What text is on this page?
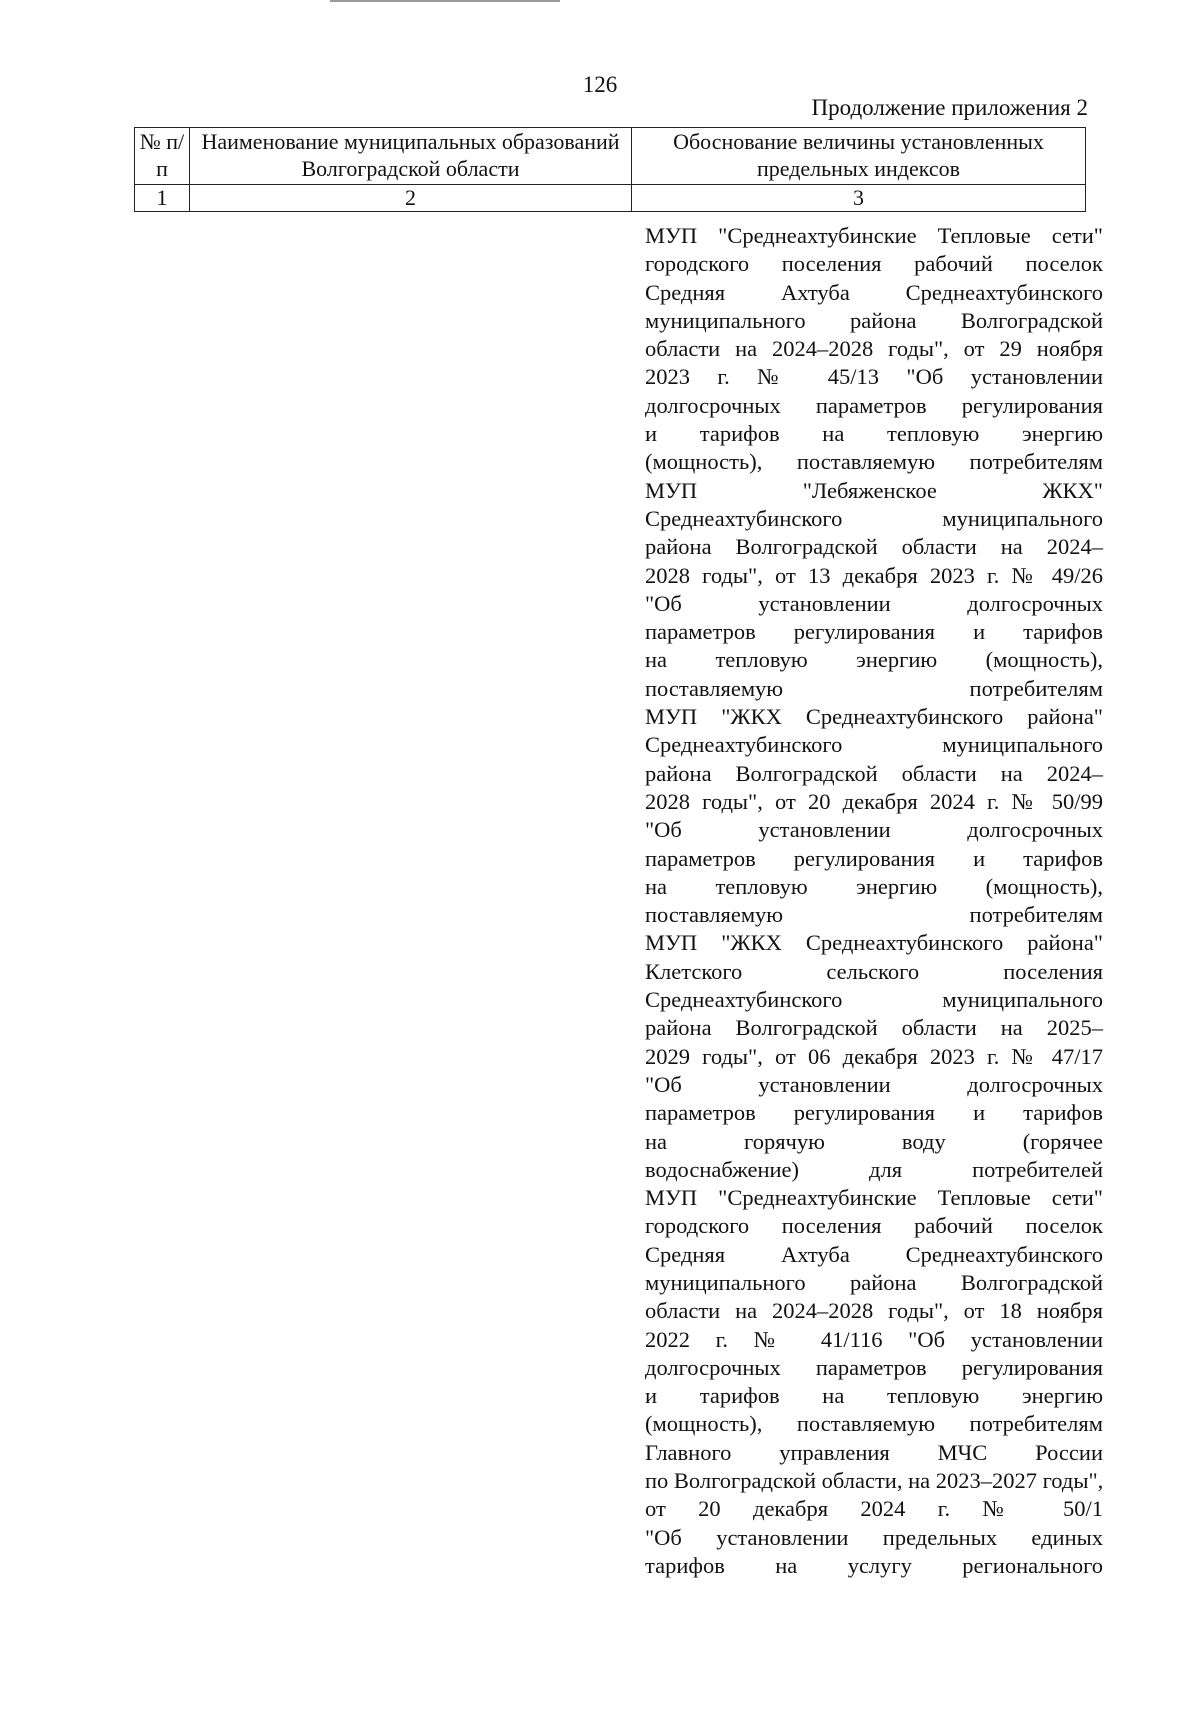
126
Продолжение приложения 2
№ п/п	Наименование муниципальных образований Волгоградской области	Обоснование величины установленных предельных индексов
1	2	3
МУП "Среднеахтубинские Тепловые сети"
городского поселения рабочий поселок
Средняя Ахтуба Среднеахтубинского
муниципального района Волгоградской
области на 2024–2028 годы", от 29 ноября
2023 г. № 45/13 "Об установлении
долгосрочных параметров регулирования
и тарифов на тепловую энергию
(мощность), поставляемую потребителям
МУП "Лебяженское ЖКХ"
Среднеахтубинского муниципального
района Волгоградской области на 2024–
2028 годы", от 13 декабря 2023 г. № 49/26
"Об установлении долгосрочных
параметров регулирования и тарифов
на тепловую энергию (мощность),
поставляемую потребителям
МУП "ЖКХ Среднеахтубинского района"
Среднеахтубинского муниципального
района Волгоградской области на 2024–
2028 годы", от 20 декабря 2024 г. № 50/99
"Об установлении долгосрочных
параметров регулирования и тарифов
на тепловую энергию (мощность),
поставляемую потребителям
МУП "ЖКХ Среднеахтубинского района"
Клетского сельского поселения
Среднеахтубинского муниципального
района Волгоградской области на 2025–
2029 годы", от 06 декабря 2023 г. № 47/17
"Об установлении долгосрочных
параметров регулирования и тарифов
на горячую воду (горячее
водоснабжение) для потребителей
МУП "Среднеахтубинские Тепловые сети"
городского поселения рабочий поселок
Средняя Ахтуба Среднеахтубинского
муниципального района Волгоградской
области на 2024–2028 годы", от 18 ноября
2022 г. № 41/116 "Об установлении
долгосрочных параметров регулирования
и тарифов на тепловую энергию
(мощность), поставляемую потребителям
Главного управления МЧС России
по Волгоградской области, на 2023–2027 годы",
от 20 декабря 2024 г. № 50/1
"Об установлении предельных единых
тарифов на услугу регионального
